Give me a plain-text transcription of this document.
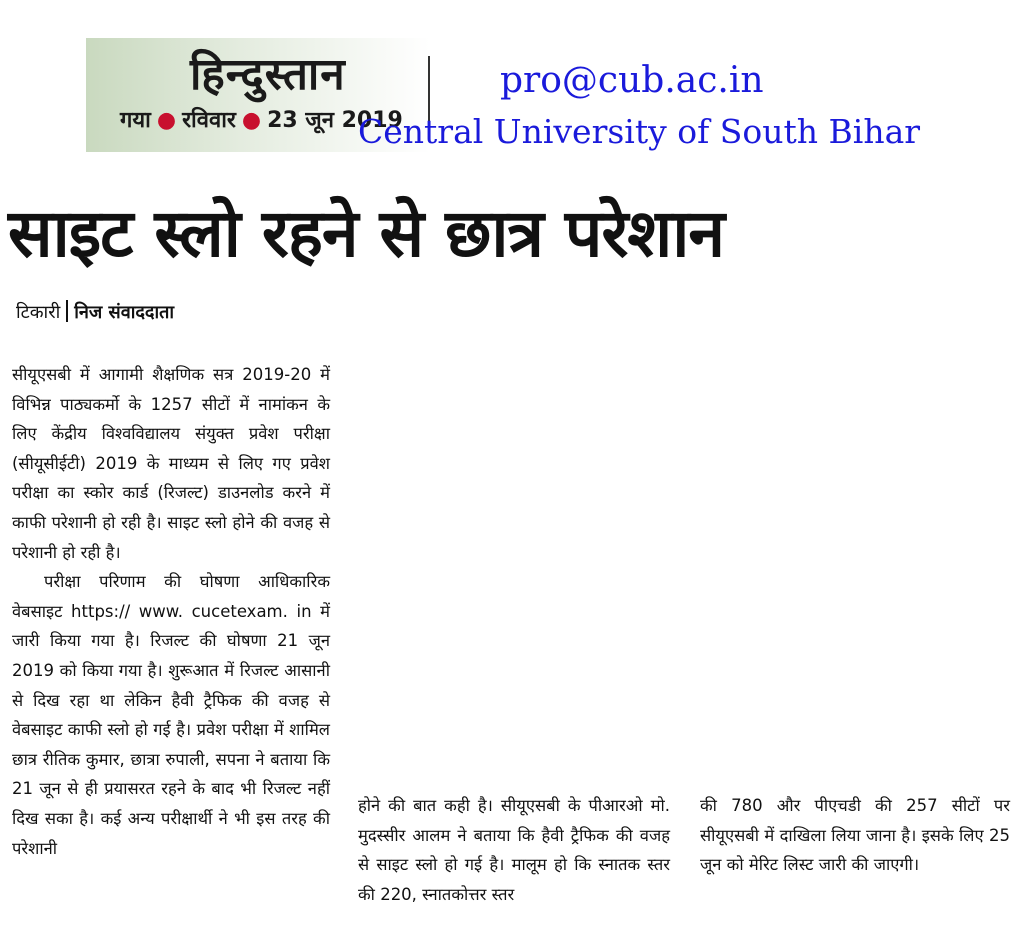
हिन्दुस्तान
गया ● रविवार ● 23 जून 2019
pro@cub.ac.in
Central University of South Bihar
साइट स्लो रहने से छात्र परेशान
टिकारी निज संवाददाता

सीयूएसबी में आगामी शैक्षणिक सत्र 2019-20 में विभिन्न पाठ्यकर्मो के 1257 सीटों में नामांकन के लिए केंद्रीय विश्वविद्यालय संयुक्त प्रवेश परीक्षा (सीयूसीईटी) 2019 के माध्यम से लिए गए प्रवेश परीक्षा का स्कोर कार्ड (रिजल्ट) डाउनलोड करने में काफी परेशानी हो रही है। साइट स्लो होने की वजह से परेशानी हो रही है।

परीक्षा परिणाम की घोषणा आधिकारिक वेबसाइट https:// www. cucetexam. in में जारी किया गया है। रिजल्ट की घोषणा 21 जून 2019 को किया गया है। शुरूआत में रिजल्ट आसानी से दिख रहा था लेकिन हैवी ट्रैफिक की वजह से वेबसाइट काफी स्लो हो गई है। प्रवेश परीक्षा में शामिल छात्र रीतिक कुमार, छात्रा रुपाली, सपना ने बताया कि 21 जून से ही प्रयासरत रहने के बाद भी रिजल्ट नहीं दिख सका है। कई अन्य परीक्षार्थी ने भी इस तरह की परेशानी

होने की बात कही है। सीयूएसबी के पीआरओ मो. मुदस्सीर आलम ने बताया कि हैवी ट्रैफिक की वजह से साइट स्लो हो गई है। मालूम हो कि स्नातक स्तर की 220, स्नातकोत्तर स्तर

की 780 और पीएचडी की 257 सीटों पर सीयूएसबी में दाखिला लिया जाना है। इसके लिए 25 जून को मेरिट लिस्ट जारी की जाएगी।
